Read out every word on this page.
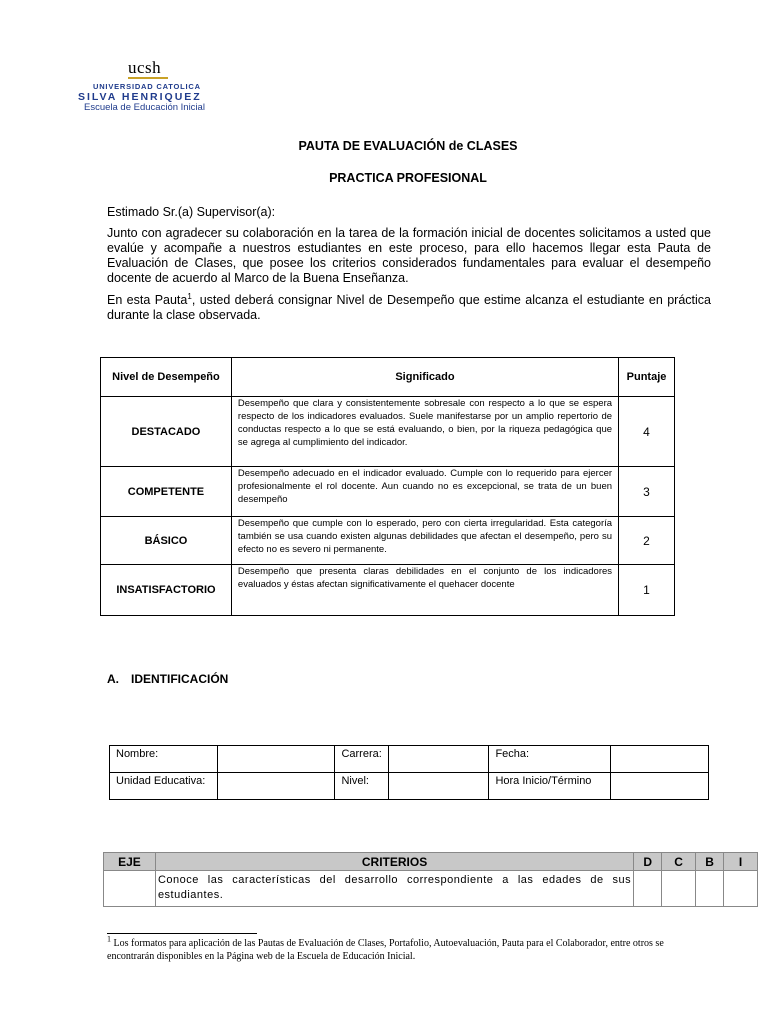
ucsh
UNIVERSIDAD CATOLICA
SILVA HENRIQUEZ
Escuela de Educación Inicial
PAUTA DE EVALUACIÓN de CLASES
PRACTICA PROFESIONAL
Estimado Sr.(a) Supervisor(a):
Junto con agradecer su colaboración en la tarea de la formación inicial de docentes solicitamos a usted que evalúe y acompañe a nuestros estudiantes en este proceso, para ello hacemos llegar esta Pauta de Evaluación de Clases, que posee los criterios considerados fundamentales para evaluar el desempeño docente de acuerdo al Marco de la Buena Enseñanza.
En esta Pauta$^1$, usted deberá consignar Nivel de Desempeño que estime alcanza el estudiante en práctica durante la clase observada.
Nivel de Desempeño	Significado	Puntaje
DESTACADO	Desempeño que clara y consistentemente sobresale con respecto a lo que se espera respecto de los indicadores evaluados. Suele manifestarse por un amplio repertorio de conductas respecto a lo que se está evaluando, o bien, por la riqueza pedagógica que se agrega al cumplimiento del indicador.	4
COMPETENTE	Desempeño adecuado en el indicador evaluado. Cumple con lo requerido para ejercer profesionalmente el rol docente. Aun cuando no es excepcional, se trata de un buen desempeño	3
BÁSICO	Desempeño que cumple con lo esperado, pero con cierta irregularidad. Esta categoría también se usa cuando existen algunas debilidades que afectan el desempeño, pero su efecto no es severo ni permanente.	2
INSATISFACTORIO	Desempeño que presenta claras debilidades en el conjunto de los indicadores evaluados y éstas afectan significativamente el quehacer docente	1
A. IDENTIFICACIÓN
Nombre:		Carrera:		Fecha:	
Unidad Educativa:		Nivel:		Hora Inicio/Término	
EJE	CRITERIOS	D	C	B	I
	Conoce las características del desarrollo correspondiente a las edades de sus estudiantes.				
$^1$ Los formatos para aplicación de las Pautas de Evaluación de Clases, Portafolio, Autoevaluación, Pauta para el Colaborador, entre otros se encontrarán disponibles en la Página web de la Escuela de Educación Inicial.
